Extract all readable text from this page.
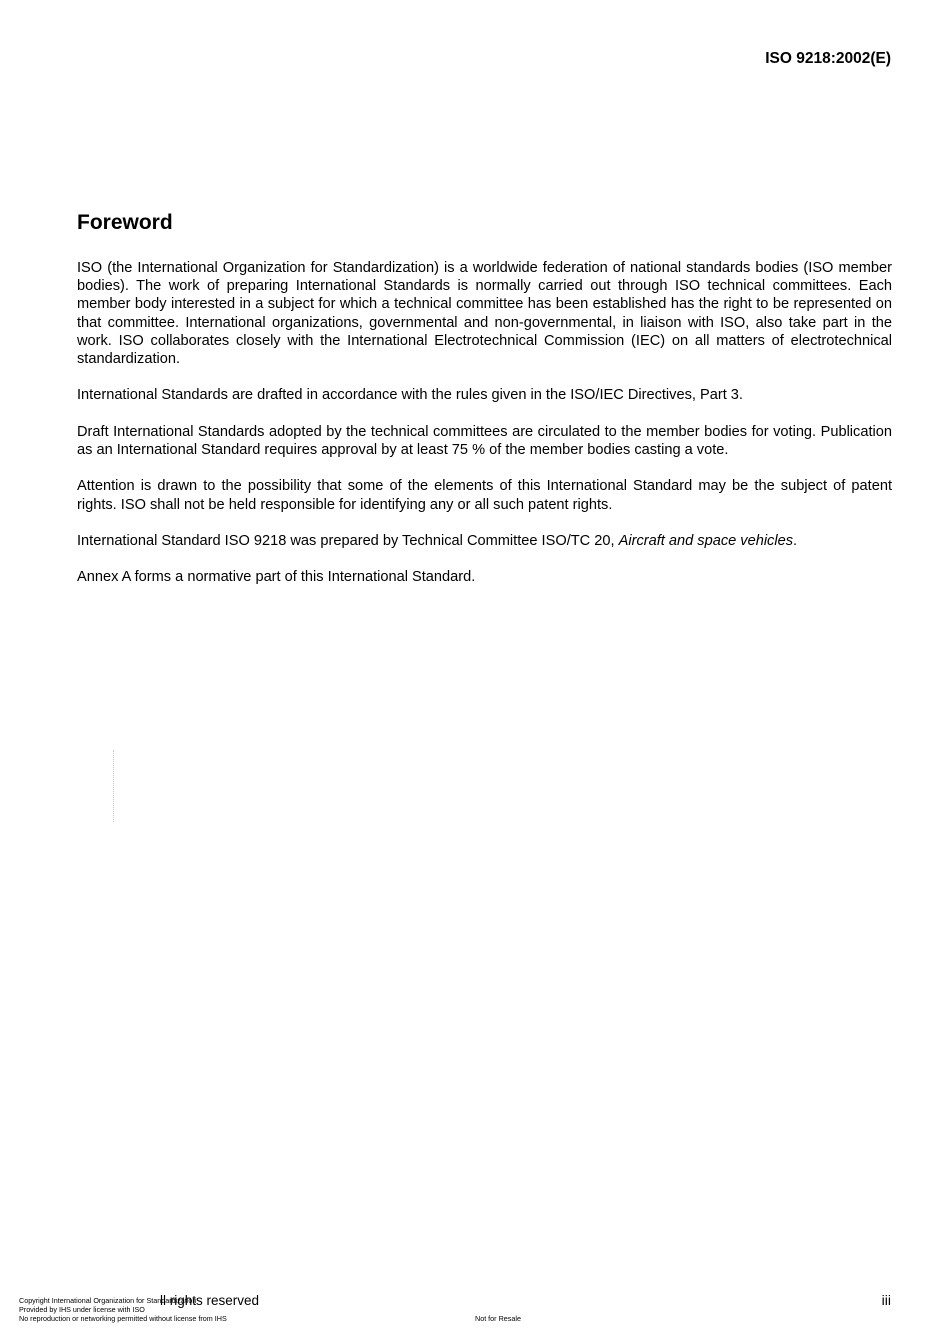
ISO 9218:2002(E)
Foreword

ISO (the International Organization for Standardization) is a worldwide federation of national standards bodies (ISO member bodies). The work of preparing International Standards is normally carried out through ISO technical committees. Each member body interested in a subject for which a technical committee has been established has the right to be represented on that committee. International organizations, governmental and non-governmental, in liaison with ISO, also take part in the work. ISO collaborates closely with the International Electrotechnical Commission (IEC) on all matters of electrotechnical standardization.

International Standards are drafted in accordance with the rules given in the ISO/IEC Directives, Part 3.

Draft International Standards adopted by the technical committees are circulated to the member bodies for voting. Publication as an International Standard requires approval by at least 75 % of the member bodies casting a vote.

Attention is drawn to the possibility that some of the elements of this International Standard may be the subject of patent rights. ISO shall not be held responsible for identifying any or all such patent rights.

International Standard ISO 9218 was prepared by Technical Committee ISO/TC 20, Aircraft and space vehicles.

Annex A forms a normative part of this International Standard.

ll rights reserved
Copyright International Organization for Standardization
Provided by IHS under license with ISO
No reproduction or networking permitted without license from IHS	Not for Resale
iii
